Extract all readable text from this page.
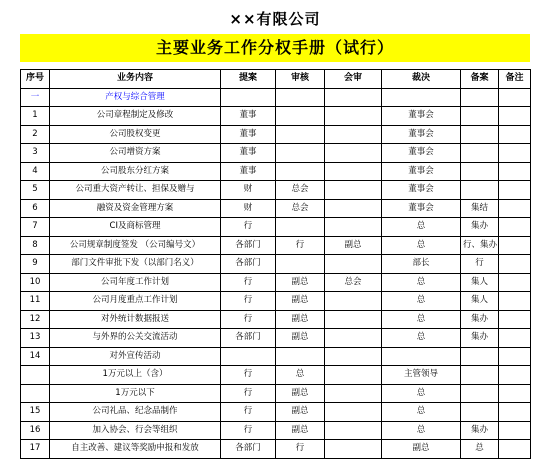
××有限公司
主要业务工作分权手册（试行）
序号	业务内容	提案	审核	会审	裁决	备案	备注
一	产权与综合管理						
1	公司章程制定及修改	董事			董事会		
2	公司股权变更	董事			董事会		
3	公司增资方案	董事			董事会		
4	公司股东分红方案	董事			董事会		
5	公司重大资产转让、担保及赠与	财	总会		董事会		
6	融资及资金管理方案	财	总会		董事会	集结	
7	CI及商标管理	行			总	集办	
8	公司规章制度签发 （公司编号文）	各部门	行	副总	总	行、集办	
9	部门文件审批下发（以部门名义）	各部门			部长	行	
10	公司年度工作计划	行	副总	总会	总	集人	
11	公司月度重点工作计划	行	副总		总	集人	
12	对外统计数据报送	行	副总		总	集办	
13	与外界的公关交流活动	各部门	副总		总	集办	
14	对外宣传活动						
	1万元以上（含）	行	总		主管领导		
	1万元以下	行	副总		总		
15	公司礼品、纪念品制作	行	副总		总		
16	加入协会、行会等组织	行	副总		总	集办	
17	自主改善、建议等奖励申报和发放	各部门	行		副总	总	
